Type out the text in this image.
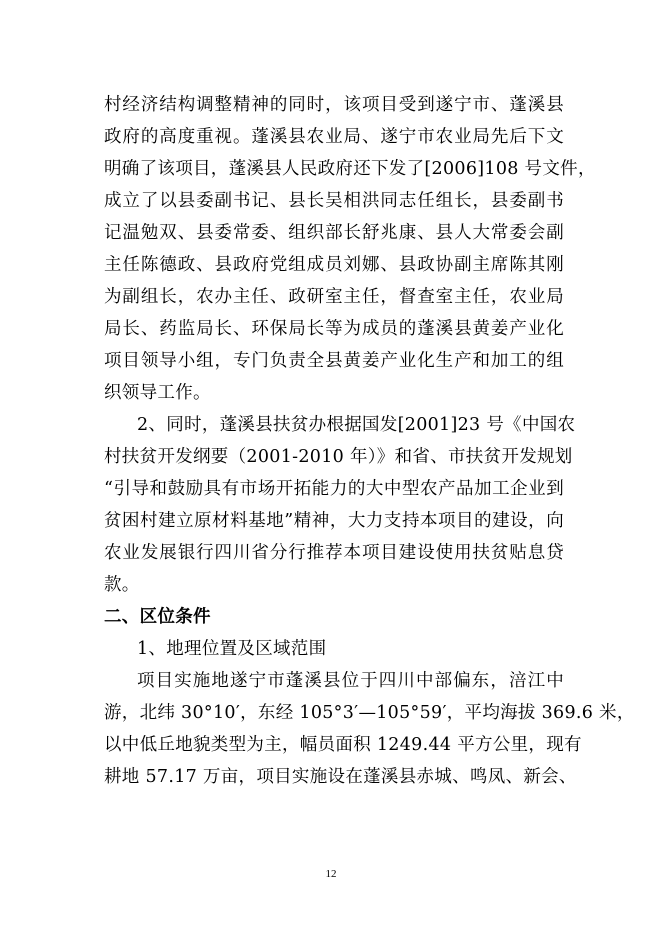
村经济结构调整精神的同时，该项目受到遂宁市、蓬溪县
政府的高度重视。蓬溪县农业局、遂宁市农业局先后下文
明确了该项目，蓬溪县人民政府还下发了[2006]108 号文件，
成立了以县委副书记、县长吴相洪同志任组长，县委副书
记温勉双、县委常委、组织部长舒兆康、县人大常委会副
主任陈德政、县政府党组成员刘娜、县政协副主席陈其刚
为副组长，农办主任、政研室主任，督查室主任，农业局
局长、药监局长、环保局长等为成员的蓬溪县黄姜产业化
项目领导小组，专门负责全县黄姜产业化生产和加工的组
织领导工作。
2、同时，蓬溪县扶贫办根据国发[2001]23 号《中国农
村扶贫开发纲要（2001-2010 年）》和省、市扶贫开发规划
“引导和鼓励具有市场开拓能力的大中型农产品加工企业到
贫困村建立原材料基地”精神，大力支持本项目的建设，向
农业发展银行四川省分行推荐本项目建设使用扶贫贴息贷
款。
二、区位条件
1、地理位置及区域范围
项目实施地遂宁市蓬溪县位于四川中部偏东，涪江中
游，北纬 30°10′，东经 105°3′—105°59′，平均海拔 369.6 米，
以中低丘地貌类型为主，幅员面积 1249.44 平方公里，现有
耕地 57.17 万亩，项目实施设在蓬溪县赤城、鸣凤、新会、
12
